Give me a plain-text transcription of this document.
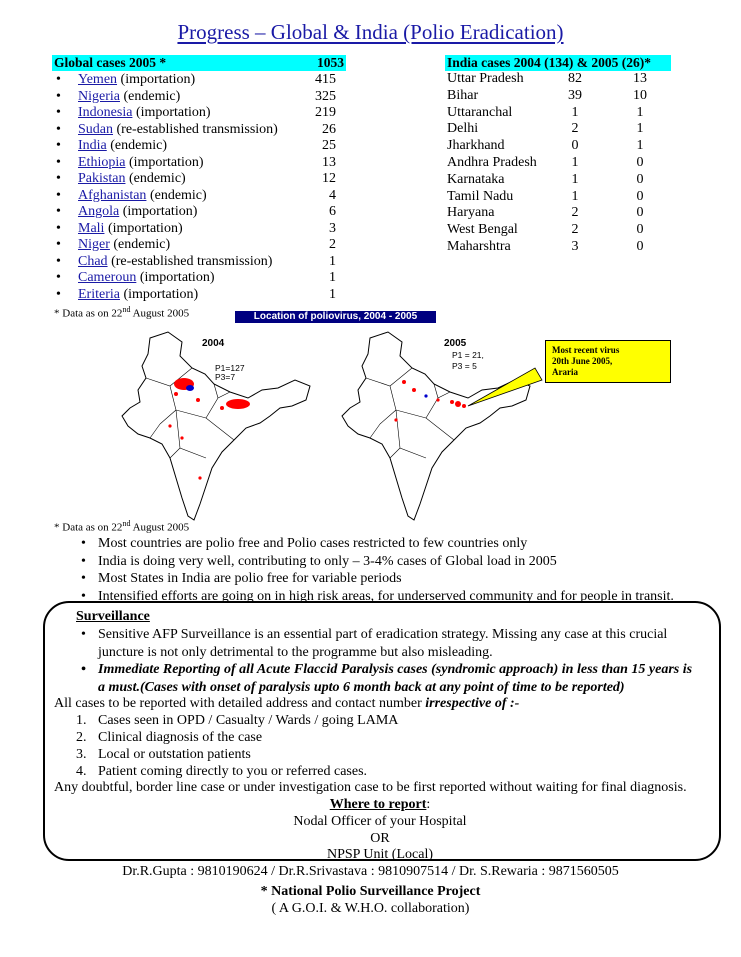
Progress – Global & India (Polio Eradication)
Global cases 2005 *	1053
• Yemen (importation)	415
• Nigeria (endemic)	325
• Indonesia (importation)	219
• Sudan (re-established transmission)	26
• India (endemic)	25
• Ethiopia (importation)	13
• Pakistan (endemic)	12
• Afghanistan (endemic)	4
• Angola (importation)	6
• Mali (importation)	3
• Niger (endemic)	2
• Chad (re-established transmission)	1
• Cameroun (importation)	1
• Eriteria (importation)	1
* Data as on 22nd August 2005
India cases 2004 (134) & 2005 (26)*
Uttar Pradesh	82	13
Bihar	39	10
Uttaranchal	1	1
Delhi	2	1
Jharkhand	0	1
Andhra Pradesh	1	0
Karnataka	1	0
Tamil Nadu	1	0
Haryana	2	0
West Bengal	2	0
Maharshtra	3	0
Location of poliovirus, 2004 - 2005
2004
P1=127
P3=7
2005
P1 = 21,
P3 = 5
Most recent virus
20th June 2005,
Araria
* Data as on 22nd August 2005
• Most countries are polio free and Polio cases restricted to few countries only
• India is doing very well, contributing to only – 3-4% cases of Global load in 2005
• Most States in India are polio free for variable periods
• Intensified efforts are going on in high risk areas, for underserved community and for people in transit.
Surveillance
• Sensitive AFP Surveillance is an essential part of eradication strategy. Missing any case at this crucial
juncture is not only detrimental to the programme but also misleading.
• Immediate Reporting of all Acute Flaccid Paralysis cases (syndromic approach) in less than 15 years is
a must.(Cases with onset of paralysis upto 6 month back at any point of time to be reported)
All cases to be reported with detailed address and contact number irrespective of :-
1. Cases seen in OPD / Casualty / Wards / going LAMA
2. Clinical diagnosis of the case
3. Local or outstation patients
4. Patient coming directly to you or referred cases.
Any doubtful, border line case or under investigation case to be first reported without waiting for final diagnosis.
Where to report:
Nodal Officer of your Hospital
OR
NPSP Unit (Local)
Dr.R.Gupta : 9810190624 / Dr.R.Srivastava : 9810907514 / Dr. S.Rewaria : 9871560505
* National Polio Surveillance Project
( A G.O.I. & W.H.O. collaboration)
